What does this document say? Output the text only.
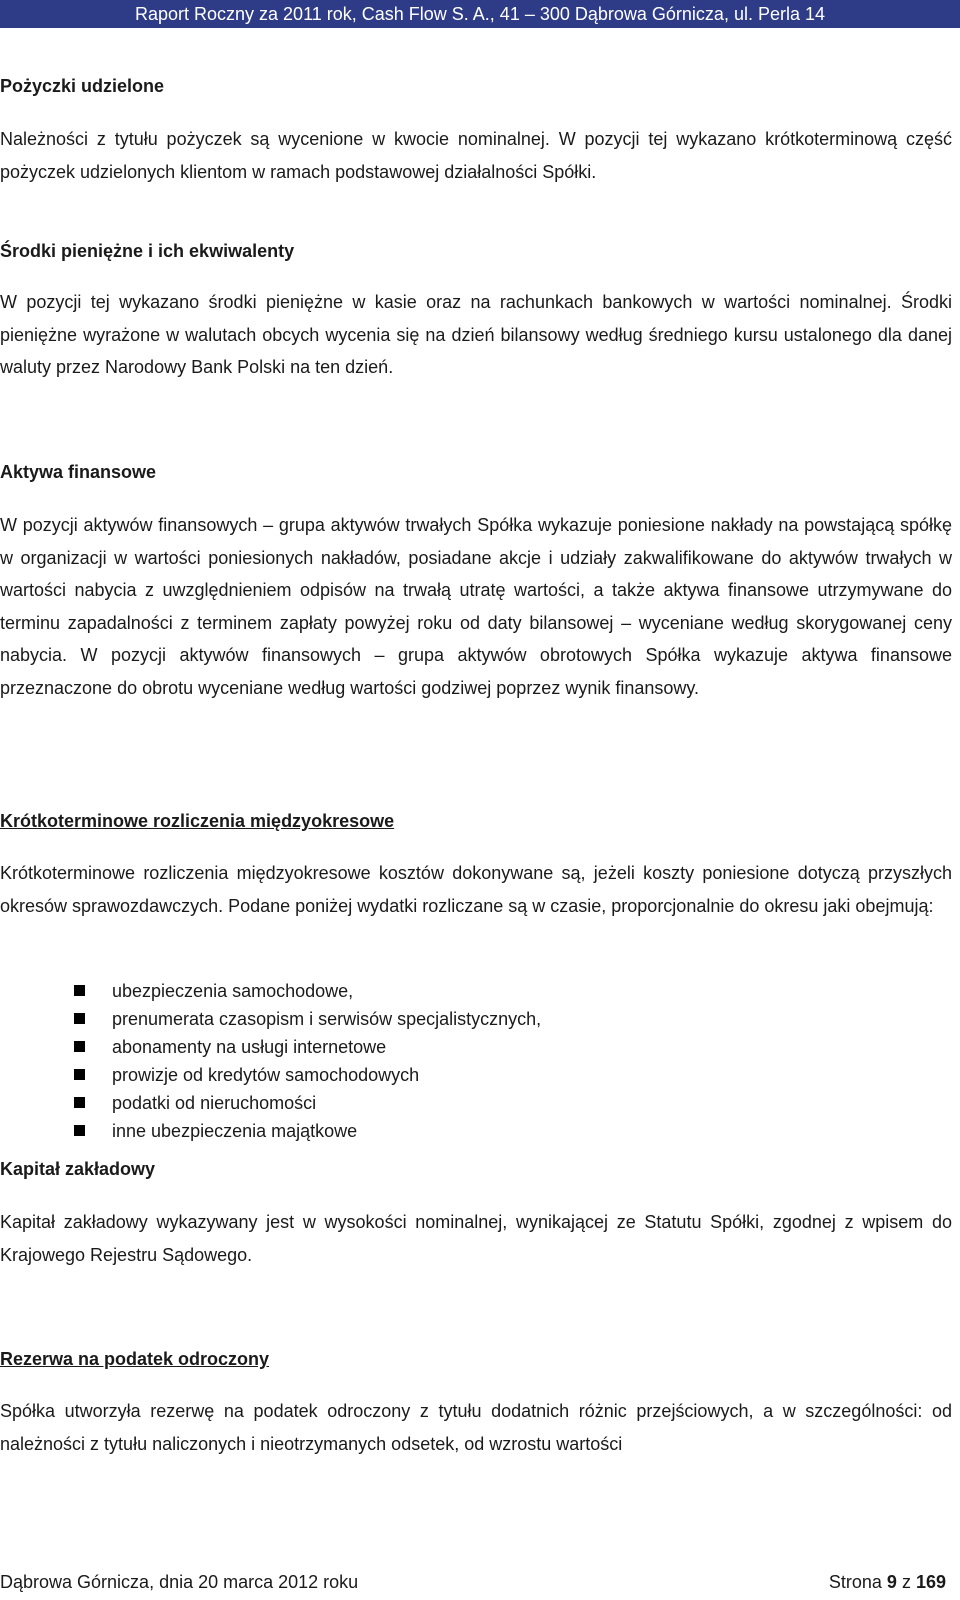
Raport Roczny za 2011 rok, Cash Flow S. A., 41 – 300 Dąbrowa Górnicza, ul. Perla 14
Pożyczki udzielone

Należności z tytułu pożyczek są wycenione w kwocie nominalnej. W pozycji tej wykazano krótkoterminową część pożyczek udzielonych klientom w ramach podstawowej działalności Spółki.

Środki pieniężne i ich ekwiwalenty

W pozycji tej wykazano środki pieniężne w kasie oraz na rachunkach bankowych w wartości nominalnej. Środki pieniężne wyrażone w walutach obcych wycenia się na dzień bilansowy według średniego kursu ustalonego dla danej waluty przez Narodowy Bank Polski na ten dzień.

Aktywa finansowe

W pozycji aktywów finansowych – grupa aktywów trwałych Spółka wykazuje poniesione nakłady na powstającą spółkę w organizacji w wartości poniesionych nakładów, posiadane akcje i udziały zakwalifikowane do aktywów trwałych w wartości nabycia z uwzględnieniem odpisów na trwałą utratę wartości, a także aktywa finansowe utrzymywane do terminu zapadalności z terminem zapłaty powyżej roku od daty bilansowej – wyceniane według skorygowanej ceny nabycia. W pozycji aktywów finansowych – grupa aktywów obrotowych Spółka wykazuje aktywa finansowe przeznaczone do obrotu wyceniane według wartości godziwej poprzez wynik finansowy.

Krótkoterminowe rozliczenia międzyokresowe

Krótkoterminowe rozliczenia międzyokresowe kosztów dokonywane są, jeżeli koszty poniesione dotyczą przyszłych okresów sprawozdawczych. Podane poniżej wydatki rozliczane są w czasie, proporcjonalnie do okresu jaki obejmują:

ubezpieczenia samochodowe,
prenumerata czasopism i serwisów specjalistycznych,
abonamenty na usługi internetowe
prowizje od kredytów samochodowych
podatki od nieruchomości
inne ubezpieczenia majątkowe
Kapitał zakładowy

Kapitał zakładowy wykazywany jest w wysokości nominalnej, wynikającej ze Statutu Spółki, zgodnej z wpisem do Krajowego Rejestru Sądowego.

Rezerwa na podatek odroczony

Spółka utworzyła rezerwę na podatek odroczony z tytułu dodatnich różnic przejściowych, a w szczególności: od należności z tytułu naliczonych i nieotrzymanych odsetek, od wzrostu wartości

Dąbrowa Górnicza, dnia 20 marca 2012 roku	Strona 9 z 169
